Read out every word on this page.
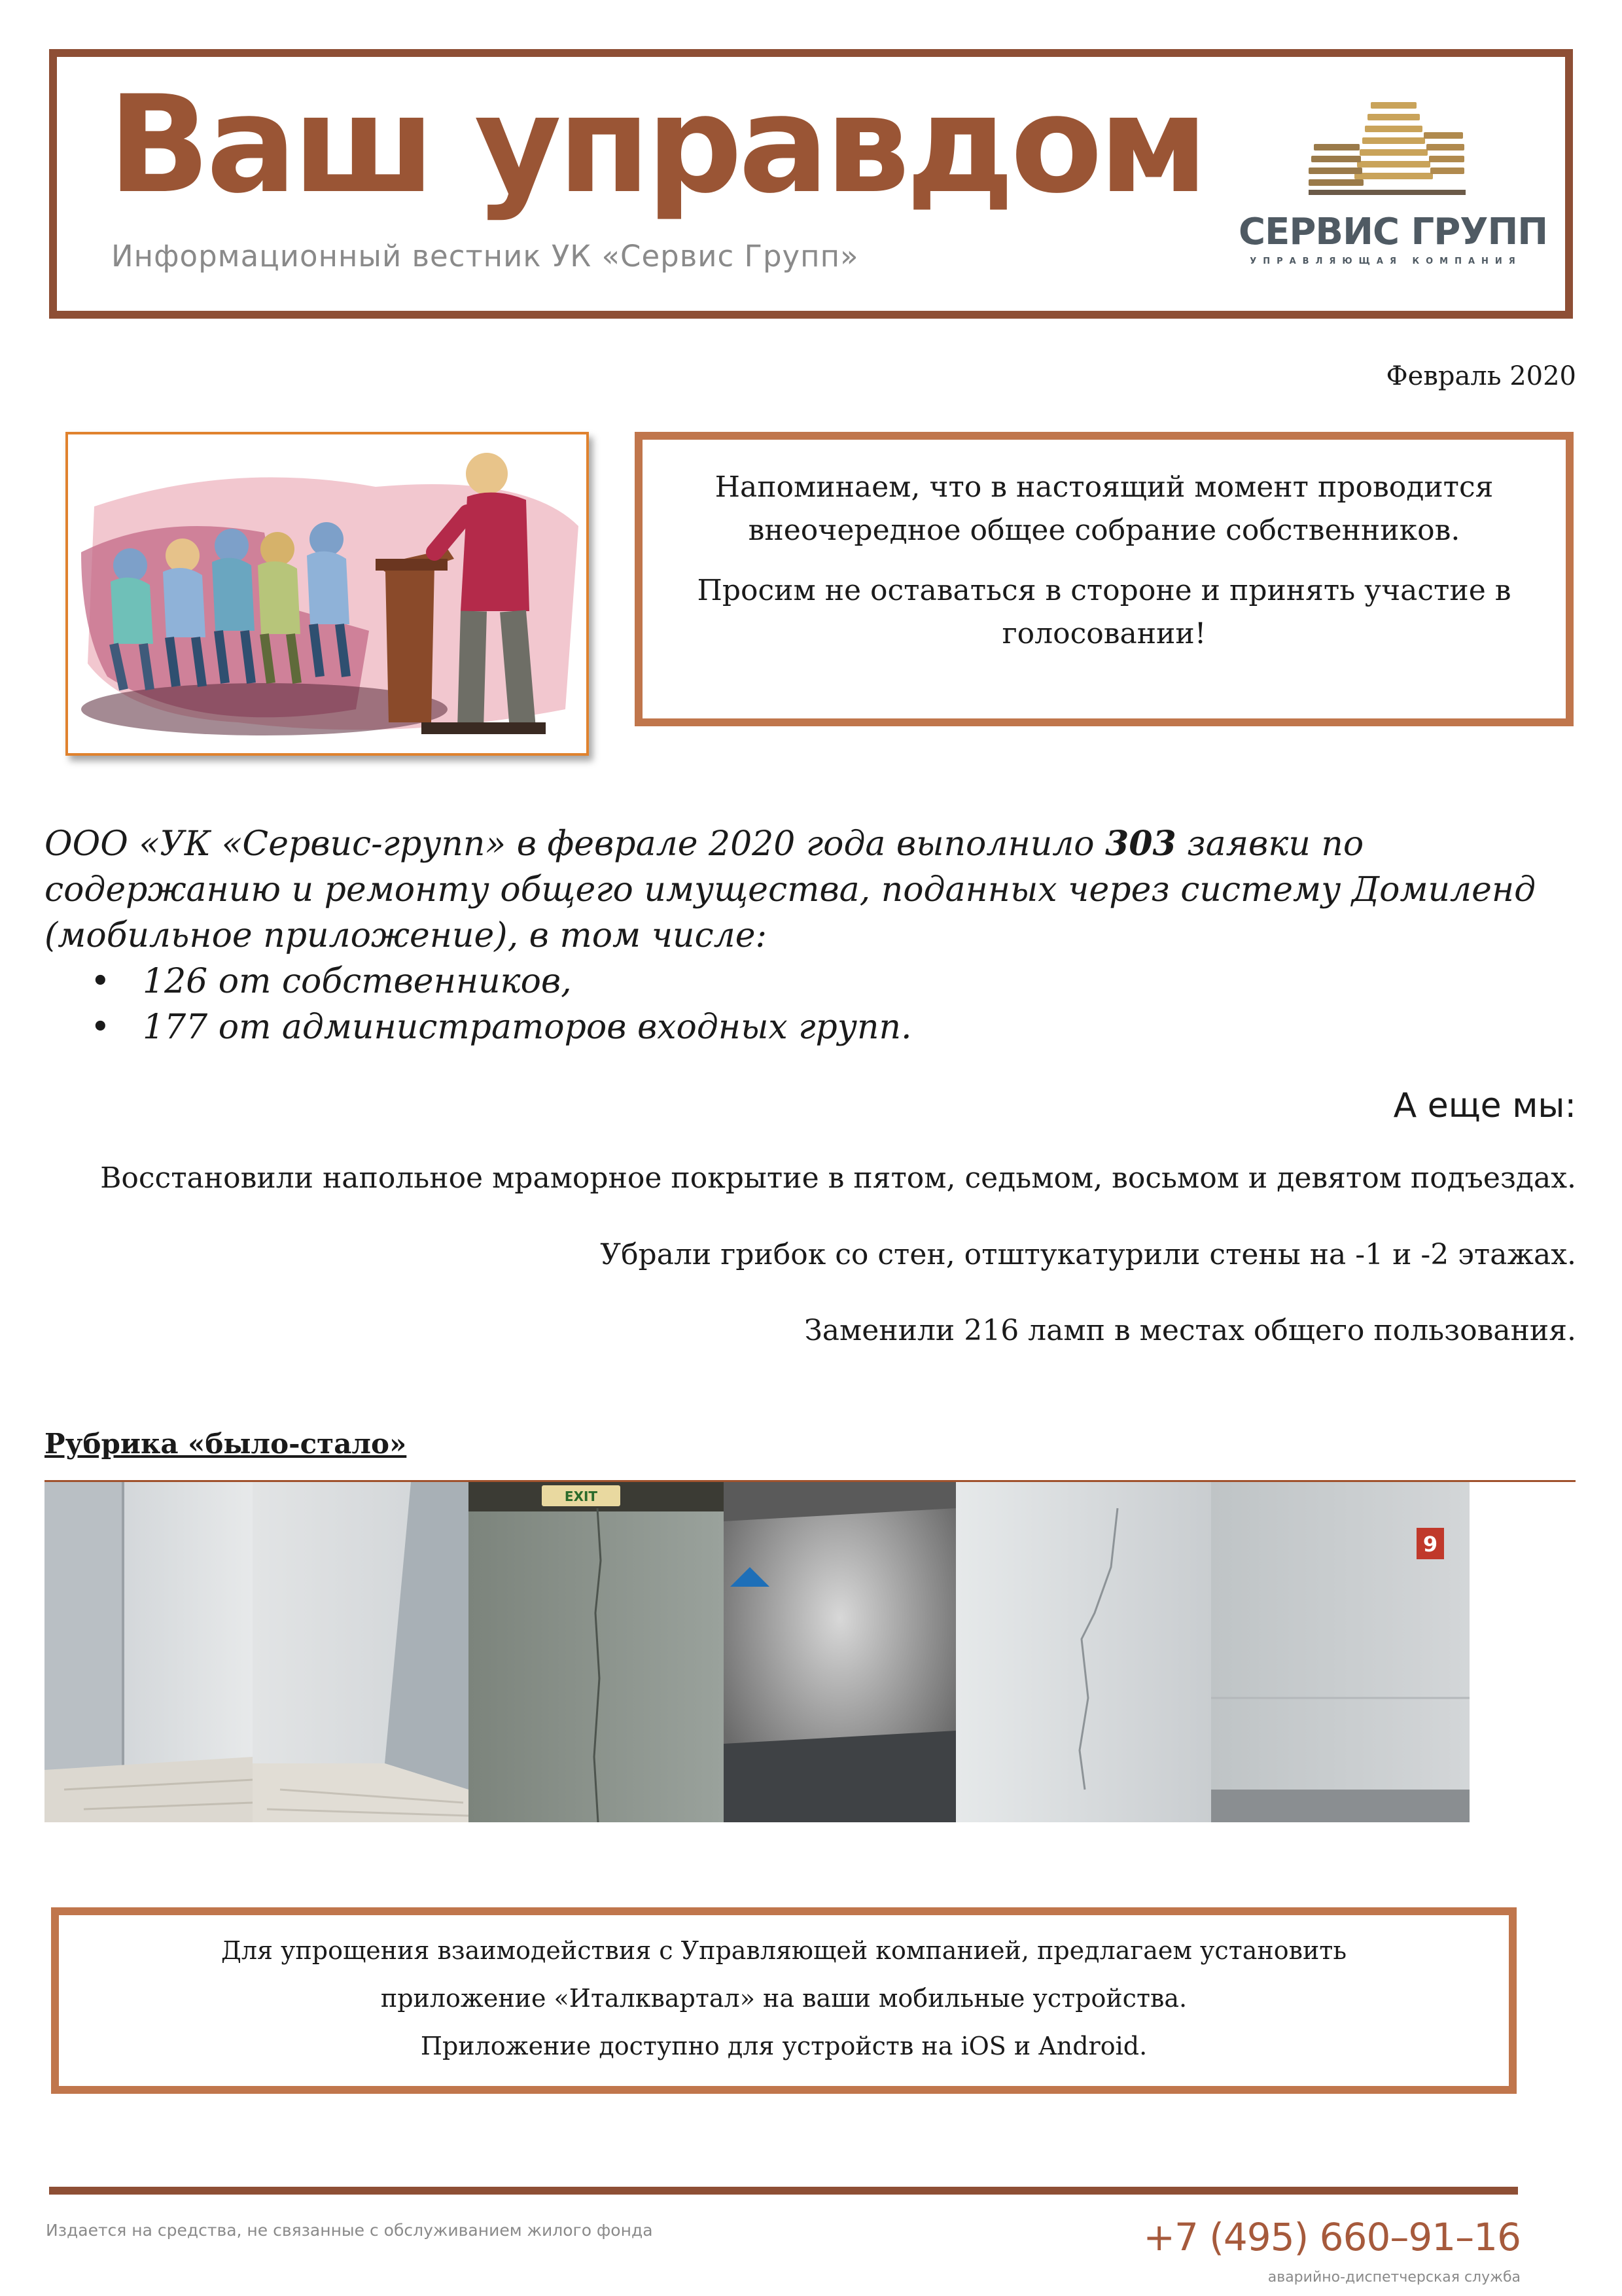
Ваш управдом
Информационный вестник УК «Сервис Групп»
СЕРВИС ГРУПП
УПРАВЛЯЮЩАЯ КОМПАНИЯ
Февраль 2020

Напоминаем, что в настоящий момент проводится внеочередное общее собрание собственников.

Просим не оставаться в стороне и принять участие в голосовании!

ООО «УК «Сервис-групп» в феврале 2020 года выполнило 303 заявки по содержанию и ремонту общего имущества, поданных через систему Домиленд (мобильное приложение), в том числе:
• 126 от собственников,
• 177 от администраторов входных групп.
А еще мы:
Восстановили напольное мраморное покрытие в пятом, седьмом, восьмом и девятом подъездах.
Убрали грибок со стен, отштукатурили стены на -1 и -2 этажах.
Заменили 216 ламп в местах общего пользования.
Рубрика «было-стало»
EXIT
9
Для упрощения взаимодействия с Управляющей компанией, предлагаем установить
приложение «Италквартал» на ваши мобильные устройства.
Приложение доступно для устройств на iOS и Android.
Издается на средства, не связанные с обслуживанием жилого фонда	+7 (495) 660–91–16
аварийно-диспетчерская служба
